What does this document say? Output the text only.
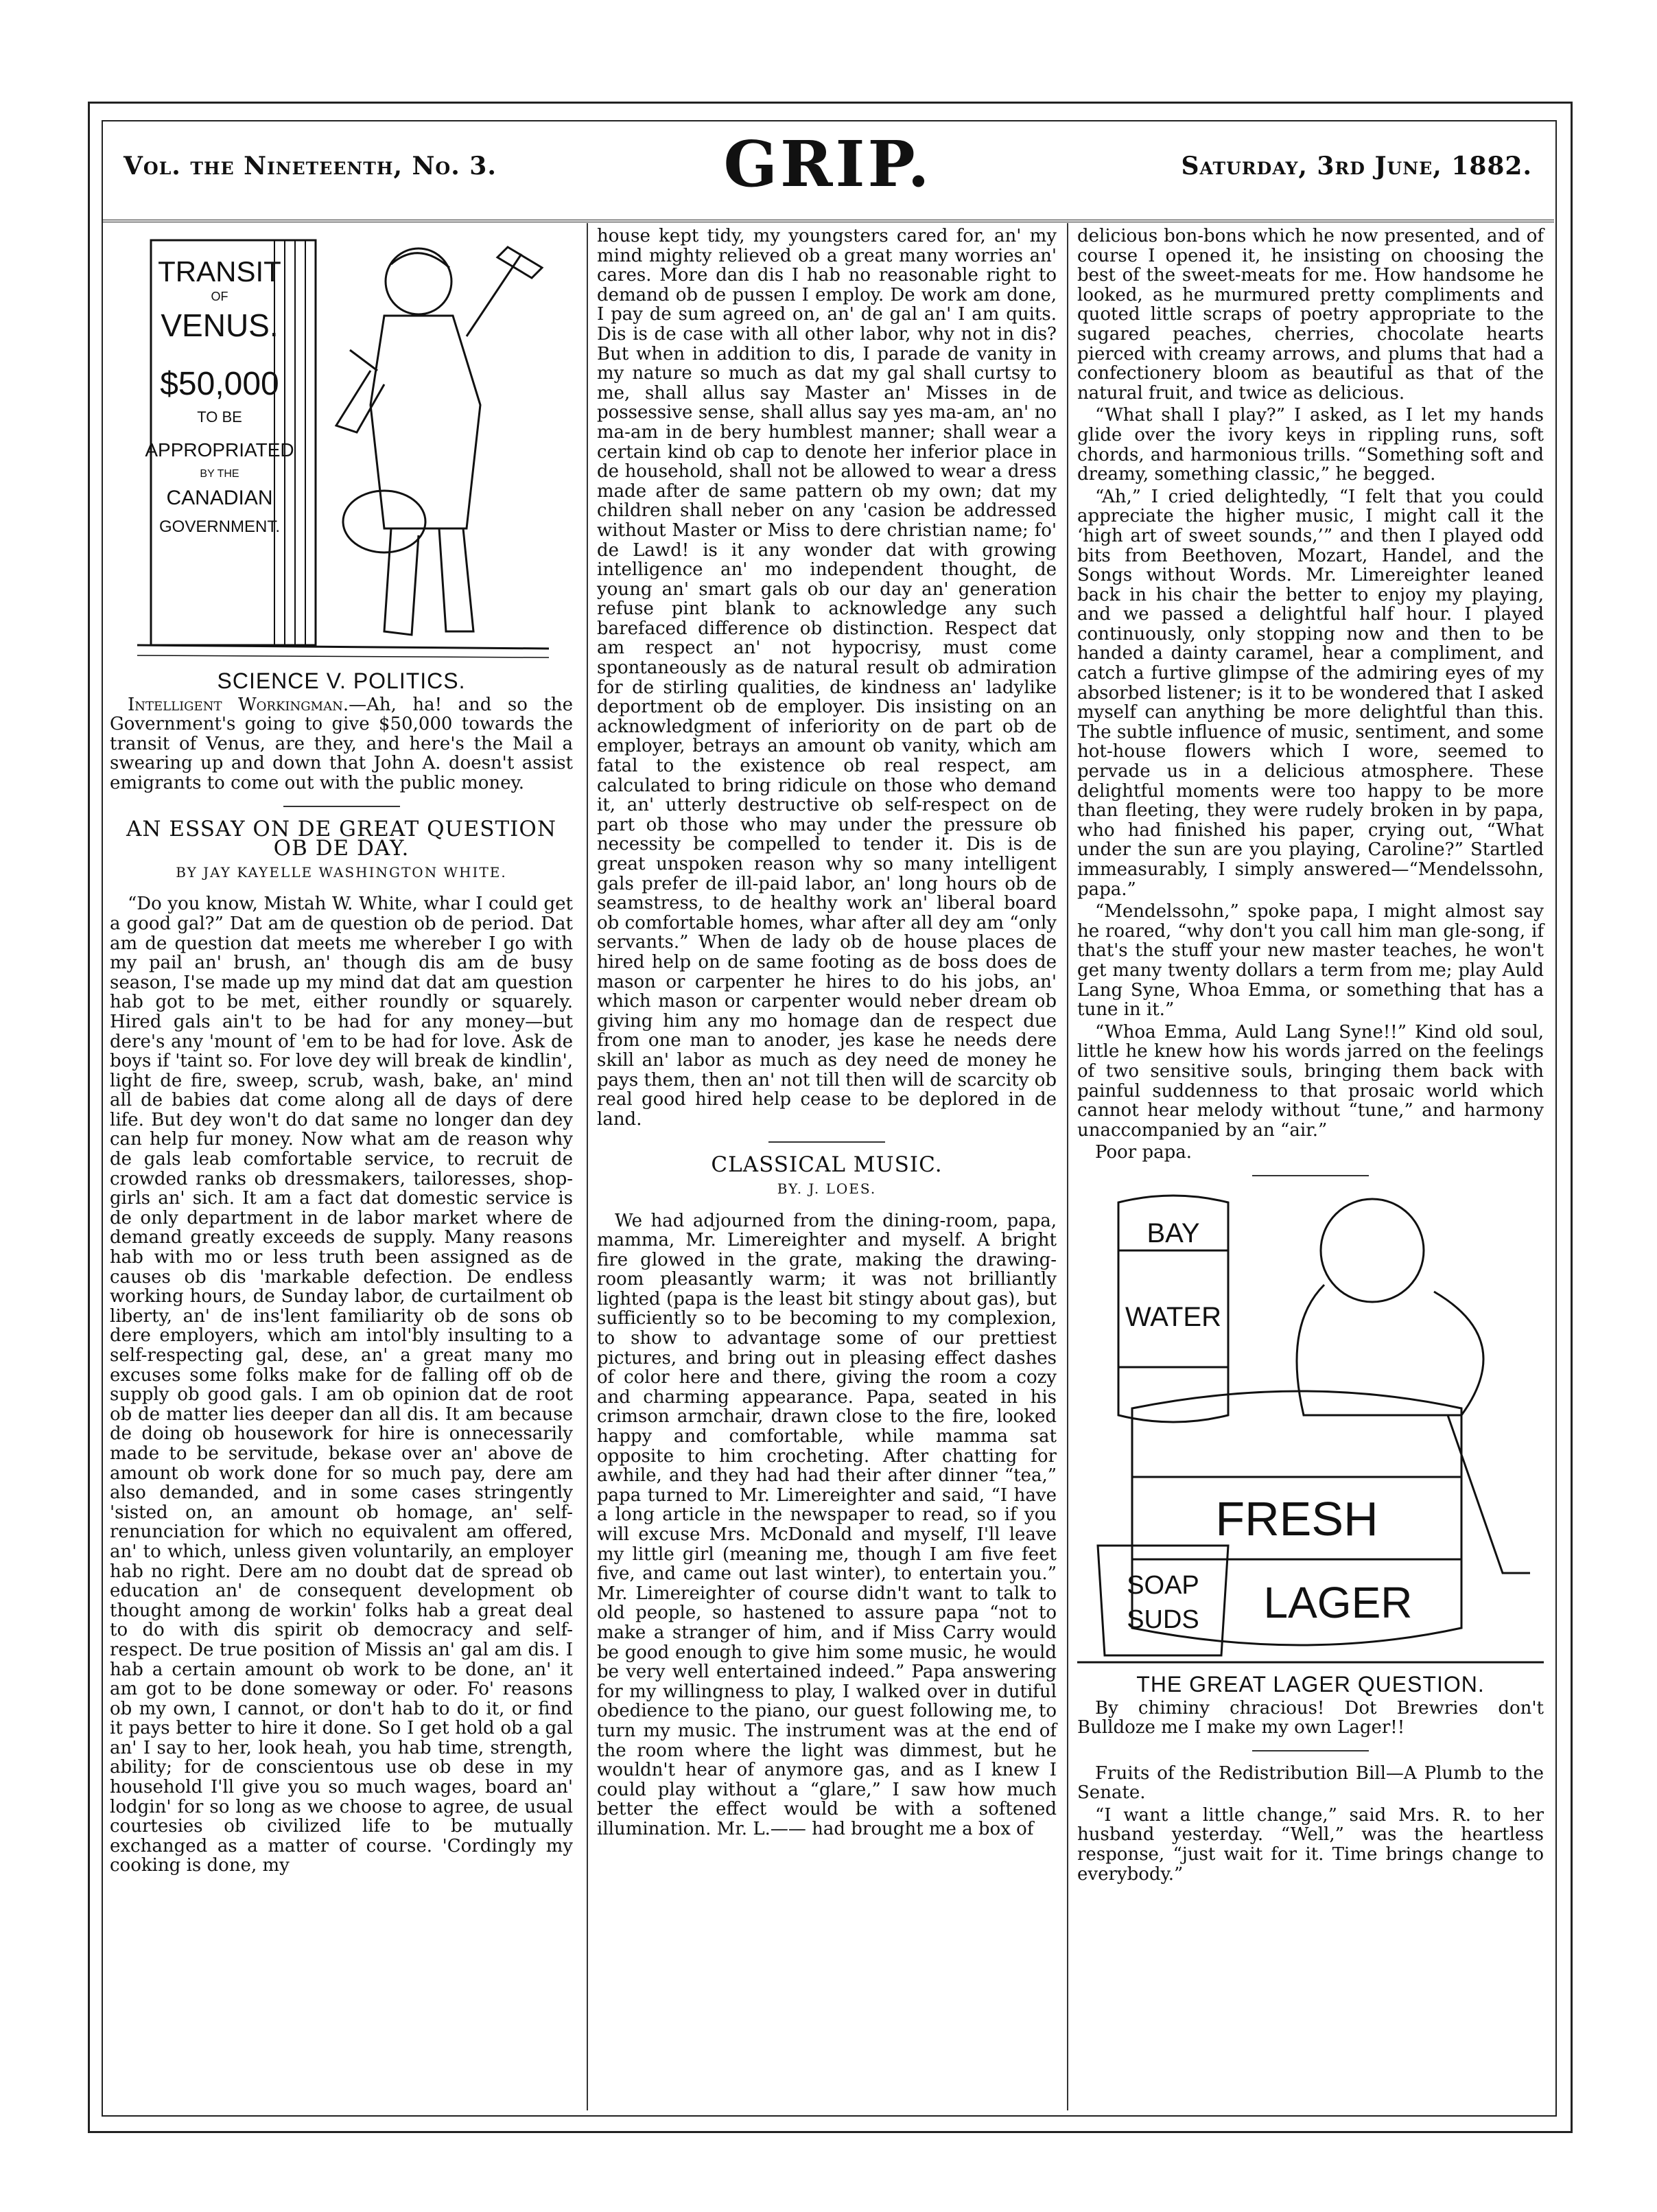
Vol. the Nineteenth, No. 3.	GRIP.	Saturday, 3rd June, 1882.
TRANSIT
OF
VENUS.
$50,000
TO BE
APPROPRIATED
BY THE
CANADIAN
GOVERNMENT.
SCIENCE V. POLITICS.

Intelligent Workingman.—Ah, ha! and so the Government's going to give $50,000 towards the transit of Venus, are they, and here's the Mail a swearing up and down that John A. doesn't assist emigrants to come out with the public money.

AN ESSAY ON DE GREAT QUESTION OB DE DAY.
BY JAY KAYELLE WASHINGTON WHITE.

“Do you know, Mistah W. White, whar I could get a good gal?” Dat am de question ob de period. Dat am de question dat meets me whereber I go with my pail an' brush, an' though dis am de busy season, I'se made up my mind dat dat am question hab got to be met, either roundly or squarely. Hired gals ain't to be had for any money—but dere's any 'mount of 'em to be had for love. Ask de boys if 'taint so. For love dey will break de kindlin', light de fire, sweep, scrub, wash, bake, an' mind all de babies dat come along all de days of dere life. But dey won't do dat same no longer dan dey can help fur money. Now what am de reason why de gals leab comfortable service, to recruit de crowded ranks ob dressmakers, tailoresses, shop-girls an' sich. It am a fact dat domestic service is de only department in de labor market where de demand greatly exceeds de supply. Many reasons hab with mo or less truth been assigned as de causes ob dis 'markable defection. De endless working hours, de Sunday labor, de curtailment ob liberty, an' de ins'lent familiarity ob de sons ob dere employers, which am intol'bly insulting to a self-respecting gal, dese, an' a great many mo excuses some folks make for de falling off ob de supply ob good gals. I am ob opinion dat de root ob de matter lies deeper dan all dis. It am because de doing ob housework for hire is onnecessarily made to be servitude, bekase over an' above de amount ob work done for so much pay, dere am also demanded, and in some cases stringently 'sisted on, an amount ob homage, an' self-renunciation for which no equivalent am offered, an' to which, unless given voluntarily, an employer hab no right. Dere am no doubt dat de spread ob education an' de consequent development ob thought among de workin' folks hab a great deal to do with dis spirit ob democracy and self-respect. De true position of Missis an' gal am dis. I hab a certain amount ob work to be done, an' it am got to be done someway or oder. Fo' reasons ob my own, I cannot, or don't hab to do it, or find it pays better to hire it done. So I get hold ob a gal an' I say to her, look heah, you hab time, strength, ability; for de conscientous use ob dese in my household I'll give you so much wages, board an' lodgin' for so long as we choose to agree, de usual courtesies ob civilized life to be mutually exchanged as a matter of course. 'Cordingly my cooking is done, my

house kept tidy, my youngsters cared for, an' my mind mighty relieved ob a great many worries an' cares. More dan dis I hab no reasonable right to demand ob de pussen I employ. De work am done, I pay de sum agreed on, an' de gal an' I am quits. Dis is de case with all other labor, why not in dis? But when in addition to dis, I parade de vanity in my nature so much as dat my gal shall curtsy to me, shall allus say Master an' Misses in de possessive sense, shall allus say yes ma-am, an' no ma-am in de bery humblest manner; shall wear a certain kind ob cap to denote her inferior place in de household, shall not be allowed to wear a dress made after de same pattern ob my own; dat my children shall neber on any 'casion be addressed without Master or Miss to dere christian name; fo' de Lawd! is it any wonder dat with growing intelligence an' mo independent thought, de young an' smart gals ob our day an' generation refuse pint blank to acknowledge any such barefaced difference ob distinction. Respect dat am respect an' not hypocrisy, must come spontaneously as de natural result ob admiration for de stirling qualities, de kindness an' ladylike deportment ob de employer. Dis insisting on an acknowledgment of inferiority on de part ob de employer, betrays an amount ob vanity, which am fatal to the existence ob real respect, am calculated to bring ridicule on those who demand it, an' utterly destructive ob self-respect on de part ob those who may under the pressure ob necessity be compelled to tender it. Dis is de great unspoken reason why so many intelligent gals prefer de ill-paid labor, an' long hours ob de seamstress, to de healthy work an' liberal board ob comfortable homes, whar after all dey am “only servants.” When de lady ob de house places de hired help on de same footing as de boss does de mason or carpenter he hires to do his jobs, an' which mason or carpenter would neber dream ob giving him any mo homage dan de respect due from one man to anoder, jes kase he needs dere skill an' labor as much as dey need de money he pays them, then an' not till then will de scarcity ob real good hired help cease to be deplored in de land.

CLASSICAL MUSIC.
BY. J. LOES.

We had adjourned from the dining-room, papa, mamma, Mr. Limereighter and myself. A bright fire glowed in the grate, making the drawing-room pleasantly warm; it was not brilliantly lighted (papa is the least bit stingy about gas), but sufficiently so to be becoming to my complexion, to show to advantage some of our prettiest pictures, and bring out in pleasing effect dashes of color here and there, giving the room a cozy and charming appearance. Papa, seated in his crimson armchair, drawn close to the fire, looked happy and comfortable, while mamma sat opposite to him crocheting. After chatting for awhile, and they had had their after dinner “tea,” papa turned to Mr. Limereighter and said, “I have a long article in the newspaper to read, so if you will excuse Mrs. McDonald and myself, I'll leave my little girl (meaning me, though I am five feet five, and came out last winter), to entertain you.” Mr. Limereighter of course didn't want to talk to old people, so hastened to assure papa “not to make a stranger of him, and if Miss Carry would be good enough to give him some music, he would be very well entertained indeed.” Papa answering for my willingness to play, I walked over in dutiful obedience to the piano, our guest following me, to turn my music. The instrument was at the end of the room where the light was dimmest, but he wouldn't hear of anymore gas, and as I knew I could play without a “glare,” I saw how much better the effect would be with a softened illumination. Mr. L.—— had brought me a box of

delicious bon-bons which he now presented, and of course I opened it, he insisting on choosing the best of the sweet-meats for me. How handsome he looked, as he murmured pretty compliments and quoted little scraps of poetry appropriate to the sugared peaches, cherries, chocolate hearts pierced with creamy arrows, and plums that had a confectionery bloom as beautiful as that of the natural fruit, and twice as delicious.

“What shall I play?” I asked, as I let my hands glide over the ivory keys in rippling runs, soft chords, and harmonious trills. “Something soft and dreamy, something classic,” he begged.

“Ah,” I cried delightedly, “I felt that you could appreciate the higher music, I might call it the ‘high art of sweet sounds,’” and then I played odd bits from Beethoven, Mozart, Handel, and the Songs without Words. Mr. Limereighter leaned back in his chair the better to enjoy my playing, and we passed a delightful half hour. I played continuously, only stopping now and then to be handed a dainty caramel, hear a compliment, and catch a furtive glimpse of the admiring eyes of my absorbed listener; is it to be wondered that I asked myself can anything be more delightful than this. The subtle influence of music, sentiment, and some hot-house flowers which I wore, seemed to pervade us in a delicious atmosphere. These delightful moments were too happy to be more than fleeting, they were rudely broken in by papa, who had finished his paper, crying out, “What under the sun are you playing, Caroline?” Startled immeasurably, I simply answered—“Mendelssohn, papa.”

“Mendelssohn,” spoke papa, I might almost say he roared, “why don't you call him man gle-song, if that's the stuff your new master teaches, he won't get many twenty dollars a term from me; play Auld Lang Syne, Whoa Emma, or something that has a tune in it.”

“Whoa Emma, Auld Lang Syne!!” Kind old soul, little he knew how his words jarred on the feelings of two sensitive souls, bringing them back with painful suddenness to that prosaic world which cannot hear melody without “tune,” and harmony unaccompanied by an “air.”

Poor papa.

BAY
WATER
FRESH
LAGER
SOAP
SUDS
THE GREAT LAGER QUESTION.

By chiminy chracious! Dot Brewries don't Bulldoze me I make my own Lager!!

Fruits of the Redistribution Bill—A Plumb to the Senate.

“I want a little change,” said Mrs. R. to her husband yesterday. “Well,” was the heartless response, “just wait for it. Time brings change to everybody.”
